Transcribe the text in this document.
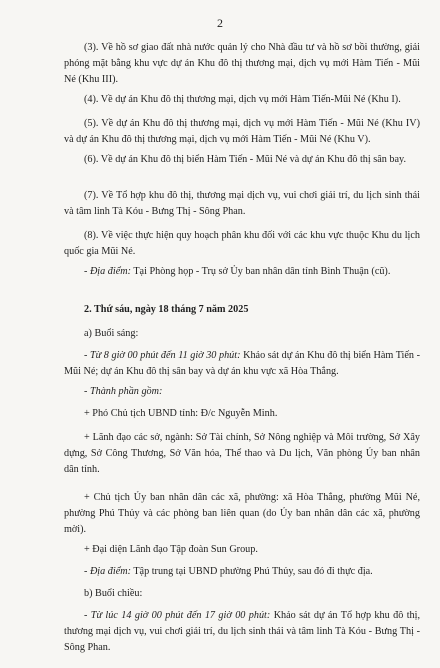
2

(3). Về hồ sơ giao đất nhà nước quản lý cho Nhà đầu tư và hồ sơ bồi thường, giải phóng mặt bằng khu vực dự án Khu đô thị thương mại, dịch vụ mới Hàm Tiến - Mũi Né (Khu III).

(4). Về dự án Khu đô thị thương mại, dịch vụ mới Hàm Tiến-Mũi Né (Khu I).

(5). Về dự án Khu đô thị thương mại, dịch vụ mới Hàm Tiến - Mũi Né (Khu IV) và dự án Khu đô thị thương mại, dịch vụ mới Hàm Tiến - Mũi Né (Khu V).

(6). Về dự án Khu đô thị biển Hàm Tiến - Mũi Né và dự án Khu đô thị sân bay.

(7). Về Tổ hợp khu đô thị, thương mại dịch vụ, vui chơi giải trí, du lịch sinh thái và tâm linh Tà Kóu - Bưng Thị - Sông Phan.

(8). Về việc thực hiện quy hoạch phân khu đối với các khu vực thuộc Khu du lịch quốc gia Mũi Né.

- Địa điểm: Tại Phòng họp - Trụ sở Ủy ban nhân dân tỉnh Bình Thuận (cũ).

2. Thứ sáu, ngày 18 tháng 7 năm 2025

a) Buổi sáng:

- Từ 8 giờ 00 phút đến 11 giờ 30 phút: Khảo sát dự án Khu đô thị biển Hàm Tiến - Mũi Né; dự án Khu đô thị sân bay và dự án khu vực xã Hòa Thắng.

- Thành phần gồm:

+ Phó Chủ tịch UBND tỉnh: Đ/c Nguyễn Minh.

+ Lãnh đạo các sở, ngành: Sở Tài chính, Sở Nông nghiệp và Môi trường, Sở Xây dựng, Sở Công Thương, Sở Văn hóa, Thể thao và Du lịch, Văn phòng Ủy ban nhân dân tỉnh.

+ Chủ tịch Ủy ban nhân dân các xã, phường: xã Hòa Thắng, phường Mũi Né, phường Phú Thủy và các phòng ban liên quan (do Ủy ban nhân dân các xã, phường mời).

+ Đại diện Lãnh đạo Tập đoàn Sun Group.

- Địa điểm: Tập trung tại UBND phường Phú Thủy, sau đó đi thực địa.

b) Buổi chiều:

- Từ lúc 14 giờ 00 phút đến 17 giờ 00 phút: Khảo sát dự án Tổ hợp khu đô thị, thương mại dịch vụ, vui chơi giải trí, du lịch sinh thái và tâm linh Tà Kóu - Bưng Thị - Sông Phan.
